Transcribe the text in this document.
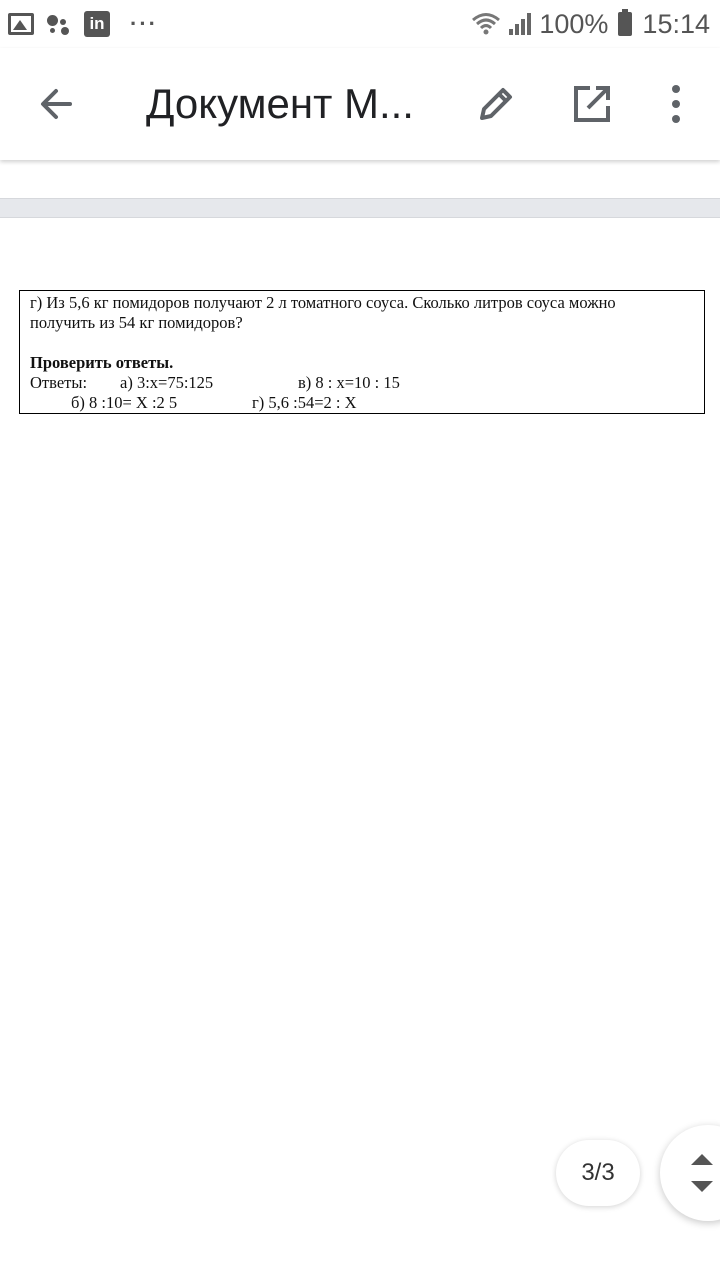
in ···	100% 15:14
Документ М...
г) Из 5,6 кг помидоров получают 2 л томатного соуса. Сколько литров соуса можно
получить из 54 кг помидоров?
Проверить ответы.
Ответы: а) 3:x=75:125	в) 8 : x=10 : 15
б) 8 :10= X :2 5	г) 5,6 :54=2 : X
3/3
